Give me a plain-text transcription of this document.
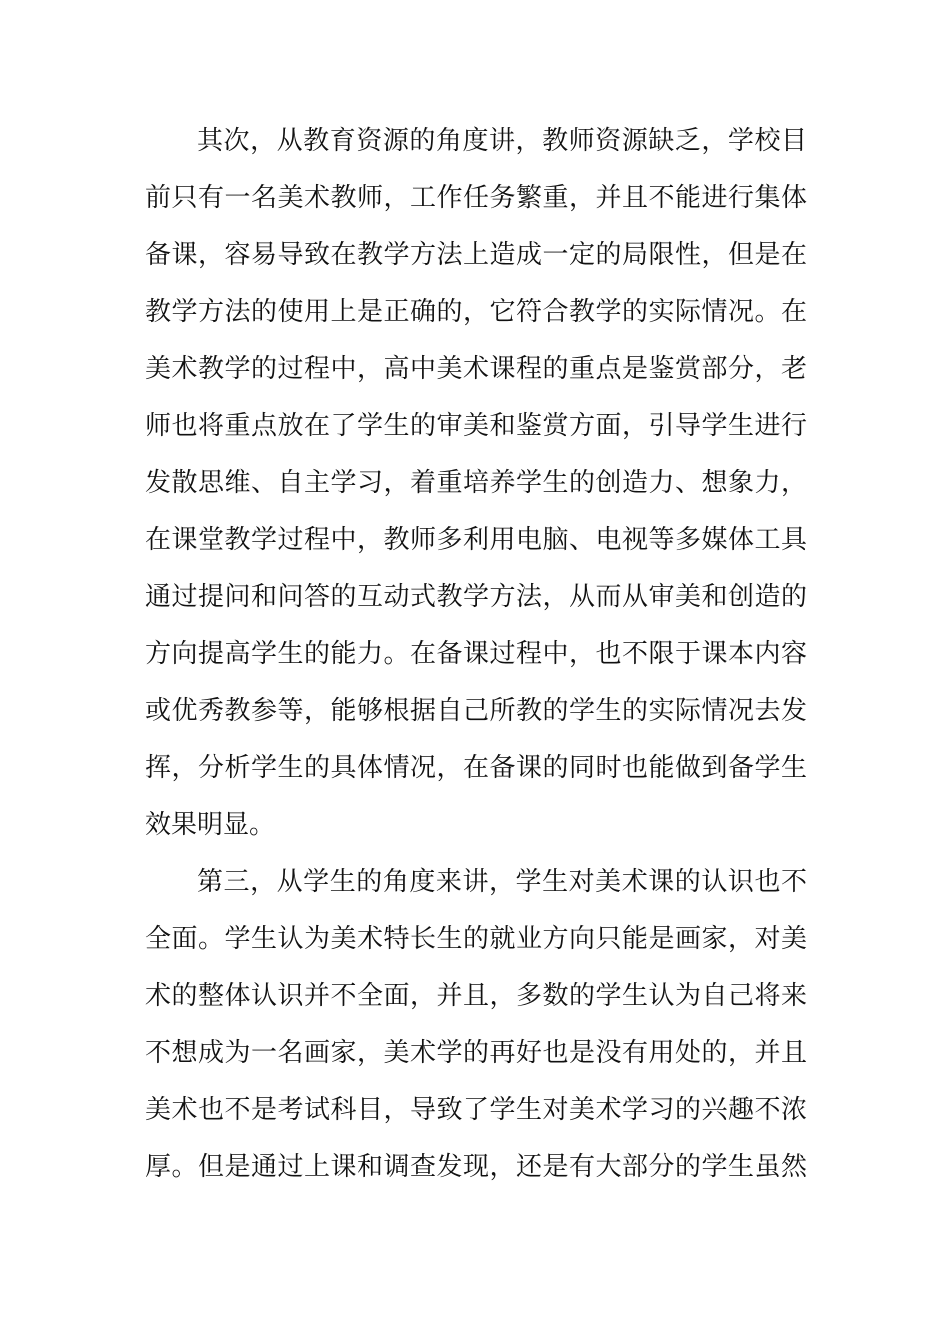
其次，从教育资源的角度讲，教师资源缺乏，学校目
前只有一名美术教师，工作任务繁重，并且不能进行集体
备课，容易导致在教学方法上造成一定的局限性，但是在
教学方法的使用上是正确的，它符合教学的实际情况。在
美术教学的过程中，高中美术课程的重点是鉴赏部分，老
师也将重点放在了学生的审美和鉴赏方面，引导学生进行
发散思维、自主学习，着重培养学生的创造力、想象力，
在课堂教学过程中，教师多利用电脑、电视等多媒体工具
通过提问和问答的互动式教学方法，从而从审美和创造的
方向提高学生的能力。在备课过程中，也不限于课本内容
或优秀教参等，能够根据自己所教的学生的实际情况去发
挥，分析学生的具体情况，在备课的同时也能做到备学生
效果明显。
第三，从学生的角度来讲，学生对美术课的认识也不
全面。学生认为美术特长生的就业方向只能是画家，对美
术的整体认识并不全面，并且，多数的学生认为自己将来
不想成为一名画家，美术学的再好也是没有用处的，并且
美术也不是考试科目，导致了学生对美术学习的兴趣不浓
厚。但是通过上课和调查发现，还是有大部分的学生虽然
